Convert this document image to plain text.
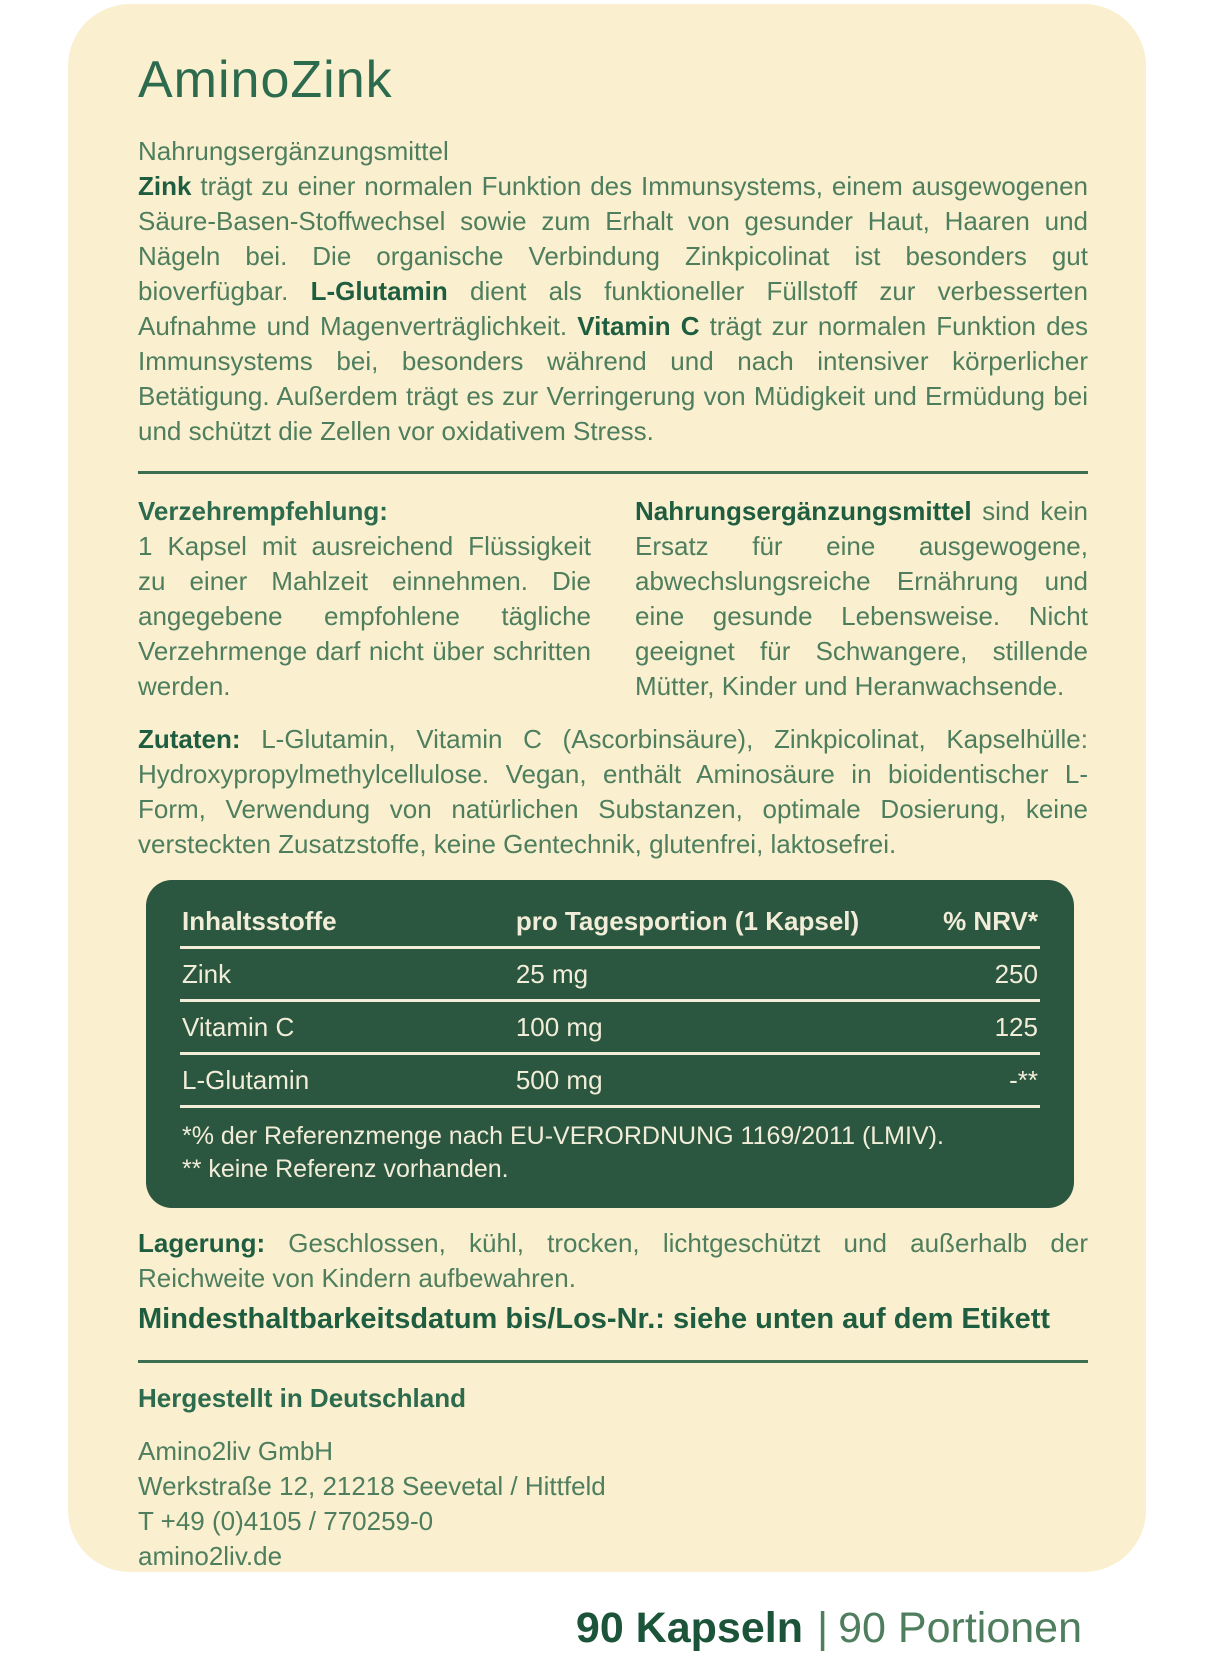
AminoZink

Nahrungsergänzungsmittel

Zink trägt zu einer normalen Funktion des Immunsystems, einem ausgewogenen Säure-Basen-Stoffwechsel sowie zum Erhalt von gesunder Haut, Haaren und Nägeln bei. Die organische Verbindung Zinkpicolinat ist besonders gut bioverfügbar. L-Glutamin dient als funktioneller Füllstoff zur verbesserten Aufnahme und Magenverträglichkeit. Vitamin C trägt zur normalen Funktion des Immunsystems bei, besonders während und nach intensiver körperlicher Betätigung. Außerdem trägt es zur Verringerung von Müdigkeit und Ermüdung bei und schützt die Zellen vor oxidativem Stress.

Verzehrempfehlung:

1 Kapsel mit ausreichend Flüssigkeit zu einer Mahlzeit einnehmen. Die angegebene empfohlene tägliche Verzehrmenge darf nicht über schritten werden.

Nahrungsergänzungsmittel sind kein Ersatz für eine ausgewogene, abwechslungsreiche Ernährung und eine gesunde Lebensweise. Nicht geeignet für Schwangere, stillende Mütter, Kinder und Heranwachsende.

Zutaten: L-Glutamin, Vitamin C (Ascorbinsäure), Zinkpicolinat, Kapselhülle: Hydroxypropylmethylcellulose. Vegan, enthält Aminosäure in bioidentischer L-Form, Verwendung von natürlichen Substanzen, optimale Dosierung, keine versteckten Zusatzstoffe, keine Gentechnik, glutenfrei, laktosefrei.

Inhaltsstoffe	pro Tagesportion (1 Kapsel)	% NRV*
Zink	25 mg	250
Vitamin C	100 mg	125
L-Glutamin	500 mg	-**

*% der Referenzmenge nach EU-VERORDNUNG 1169/2011 (LMIV).

** keine Referenz vorhanden.

Lagerung: Geschlossen, kühl, trocken, lichtgeschützt und außerhalb der Reichweite von Kindern aufbewahren.

Mindesthaltbarkeitsdatum bis/Los-Nr.: siehe unten auf dem Etikett

Hergestellt in Deutschland

Amino2liv GmbH

Werkstraße 12, 21218 Seevetal / Hittfeld

T +49 (0)4105 / 770259-0

amino2liv.de

90 Kapseln | 90 Portionen
